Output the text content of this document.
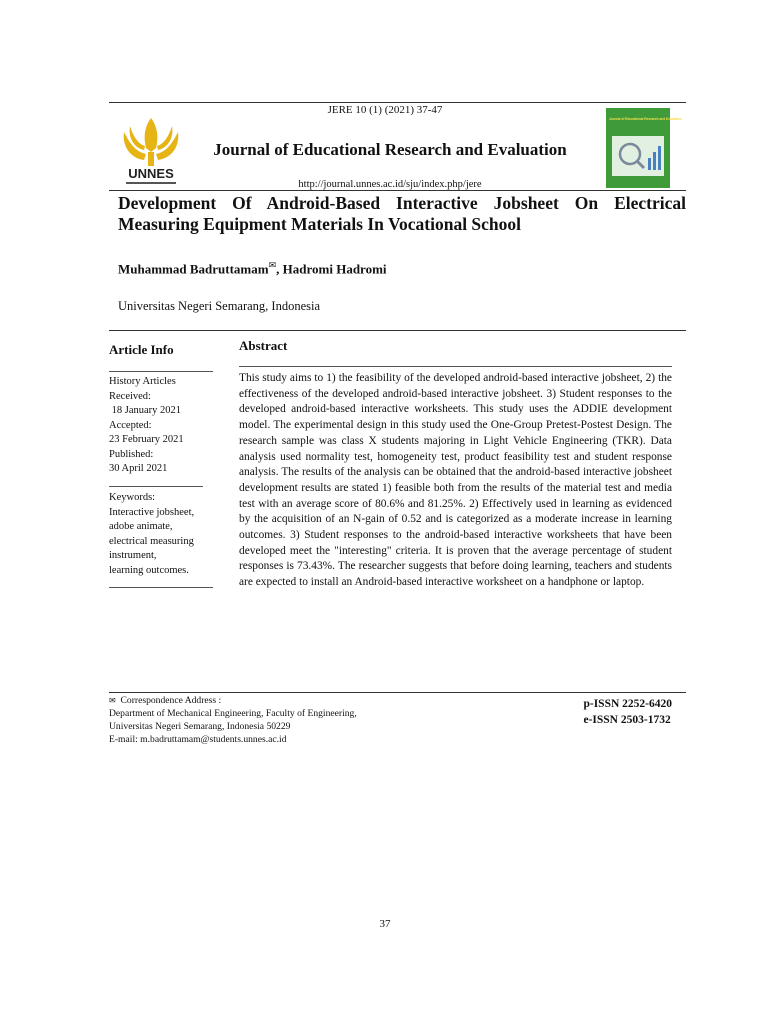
JERE 10 (1) (2021) 37-47
UNNES
Journal of Educational Research and Evaluation
http://journal.unnes.ac.id/sju/index.php/jere
Journal of Educational Research and Evaluation
Development Of Android-Based Interactive Jobsheet On Electrical Measuring Equipment Materials In Vocational School
Muhammad Badruttamam✉, Hadromi Hadromi
Universitas Negeri Semarang, Indonesia
Article Info
History Articles
Received:
18 January 2021
Accepted:
23 February 2021
Published:
30 April 2021
Keywords:
Interactive jobsheet,
adobe animate,
electrical measuring
instrument,
learning outcomes.
Abstract
This study aims to 1) the feasibility of the developed android-based interactive jobsheet, 2) the effectiveness of the developed android-based interactive jobsheet. 3) Student responses to the developed android-based interactive worksheets. This study uses the ADDIE development model. The experimental design in this study used the One-Group Pretest-Postest Design. The research sample was class X students majoring in Light Vehicle Engineering (TKR). Data analysis used normality test, homogeneity test, product feasibility test and student response analysis. The results of the analysis can be obtained that the android-based interactive jobsheet development results are stated 1) feasible both from the results of the material test and media test with an average score of 80.6% and 81.25%. 2) Effectively used in learning as evidenced by the acquisition of an N-gain of 0.52 and is categorized as a moderate increase in learning outcomes. 3) Student responses to the android-based interactive worksheets that have been developed meet the "interesting" criteria. It is proven that the average percentage of student responses is 73.43%. The researcher suggests that before doing learning, teachers and students are expected to install an Android-based interactive worksheet on a handphone or laptop.
✉ Correspondence Address :
Department of Mechanical Engineering, Faculty of Engineering,
Universitas Negeri Semarang, Indonesia 50229
E-mail: m.badruttamam@students.unnes.ac.id
p-ISSN 2252-6420
e-ISSN 2503-1732
37
